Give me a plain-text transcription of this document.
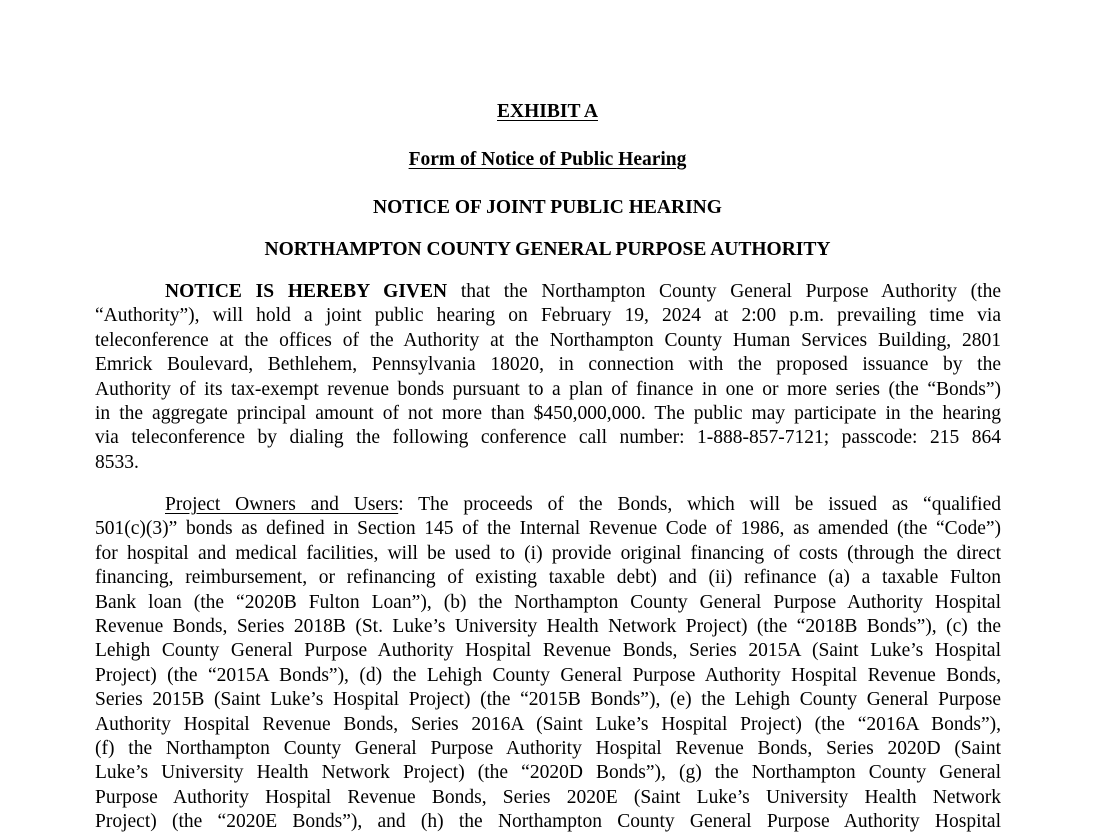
EXHIBIT A
Form of Notice of Public Hearing
NOTICE OF JOINT PUBLIC HEARING
NORTHAMPTON COUNTY GENERAL PURPOSE AUTHORITY
NOTICE IS HEREBY GIVEN that the Northampton County General Purpose Authority (the
“Authority”), will hold a joint public hearing on February 19, 2024 at 2:00 p.m. prevailing time via
teleconference at the offices of the Authority at the Northampton County Human Services Building, 2801
Emrick Boulevard, Bethlehem, Pennsylvania 18020, in connection with the proposed issuance by the
Authority of its tax-exempt revenue bonds pursuant to a plan of finance in one or more series (the “Bonds”)
in the aggregate principal amount of not more than $450,000,000. The public may participate in the hearing
via teleconference by dialing the following conference call number: 1-888-857-7121; passcode: 215 864
8533.
Project Owners and Users: The proceeds of the Bonds, which will be issued as “qualified
501(c)(3)” bonds as defined in Section 145 of the Internal Revenue Code of 1986, as amended (the “Code”)
for hospital and medical facilities, will be used to (i) provide original financing of costs (through the direct
financing, reimbursement, or refinancing of existing taxable debt) and (ii) refinance (a) a taxable Fulton
Bank loan (the “2020B Fulton Loan”), (b) the Northampton County General Purpose Authority Hospital
Revenue Bonds, Series 2018B (St. Luke’s University Health Network Project) (the “2018B Bonds”), (c) the
Lehigh County General Purpose Authority Hospital Revenue Bonds, Series 2015A (Saint Luke’s Hospital
Project) (the “2015A Bonds”), (d) the Lehigh County General Purpose Authority Hospital Revenue Bonds,
Series 2015B (Saint Luke’s Hospital Project) (the “2015B Bonds”), (e) the Lehigh County General Purpose
Authority Hospital Revenue Bonds, Series 2016A (Saint Luke’s Hospital Project) (the “2016A Bonds”),
(f) the Northampton County General Purpose Authority Hospital Revenue Bonds, Series 2020D (Saint
Luke’s University Health Network Project) (the “2020D Bonds”), (g) the Northampton County General
Purpose Authority Hospital Revenue Bonds, Series 2020E (Saint Luke’s University Health Network
Project) (the “2020E Bonds”), and (h) the Northampton County General Purpose Authority Hospital
